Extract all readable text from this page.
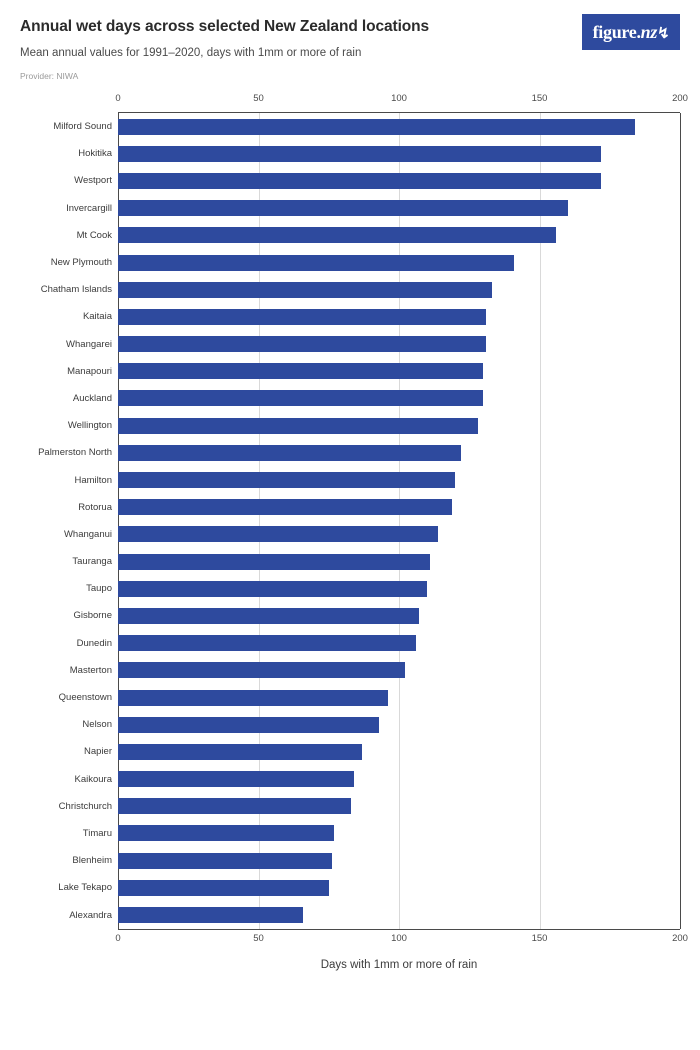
Annual wet days across selected New Zealand locations

Mean annual values for 1991–2020, days with 1mm or more of rain

Provider: NIWA

figure.nz↯
0	50	100	150	200
Milford Sound
Hokitika
Westport
Invercargill
Mt Cook
New Plymouth
Chatham Islands
Kaitaia
Whangarei
Manapouri
Auckland
Wellington
Palmerston North
Hamilton
Rotorua
Whanganui
Tauranga
Taupo
Gisborne
Dunedin
Masterton
Queenstown
Nelson
Napier
Kaikoura
Christchurch
Timaru
Blenheim
Lake Tekapo
Alexandra
0	50	100	150	200
Days with 1mm or more of rain
